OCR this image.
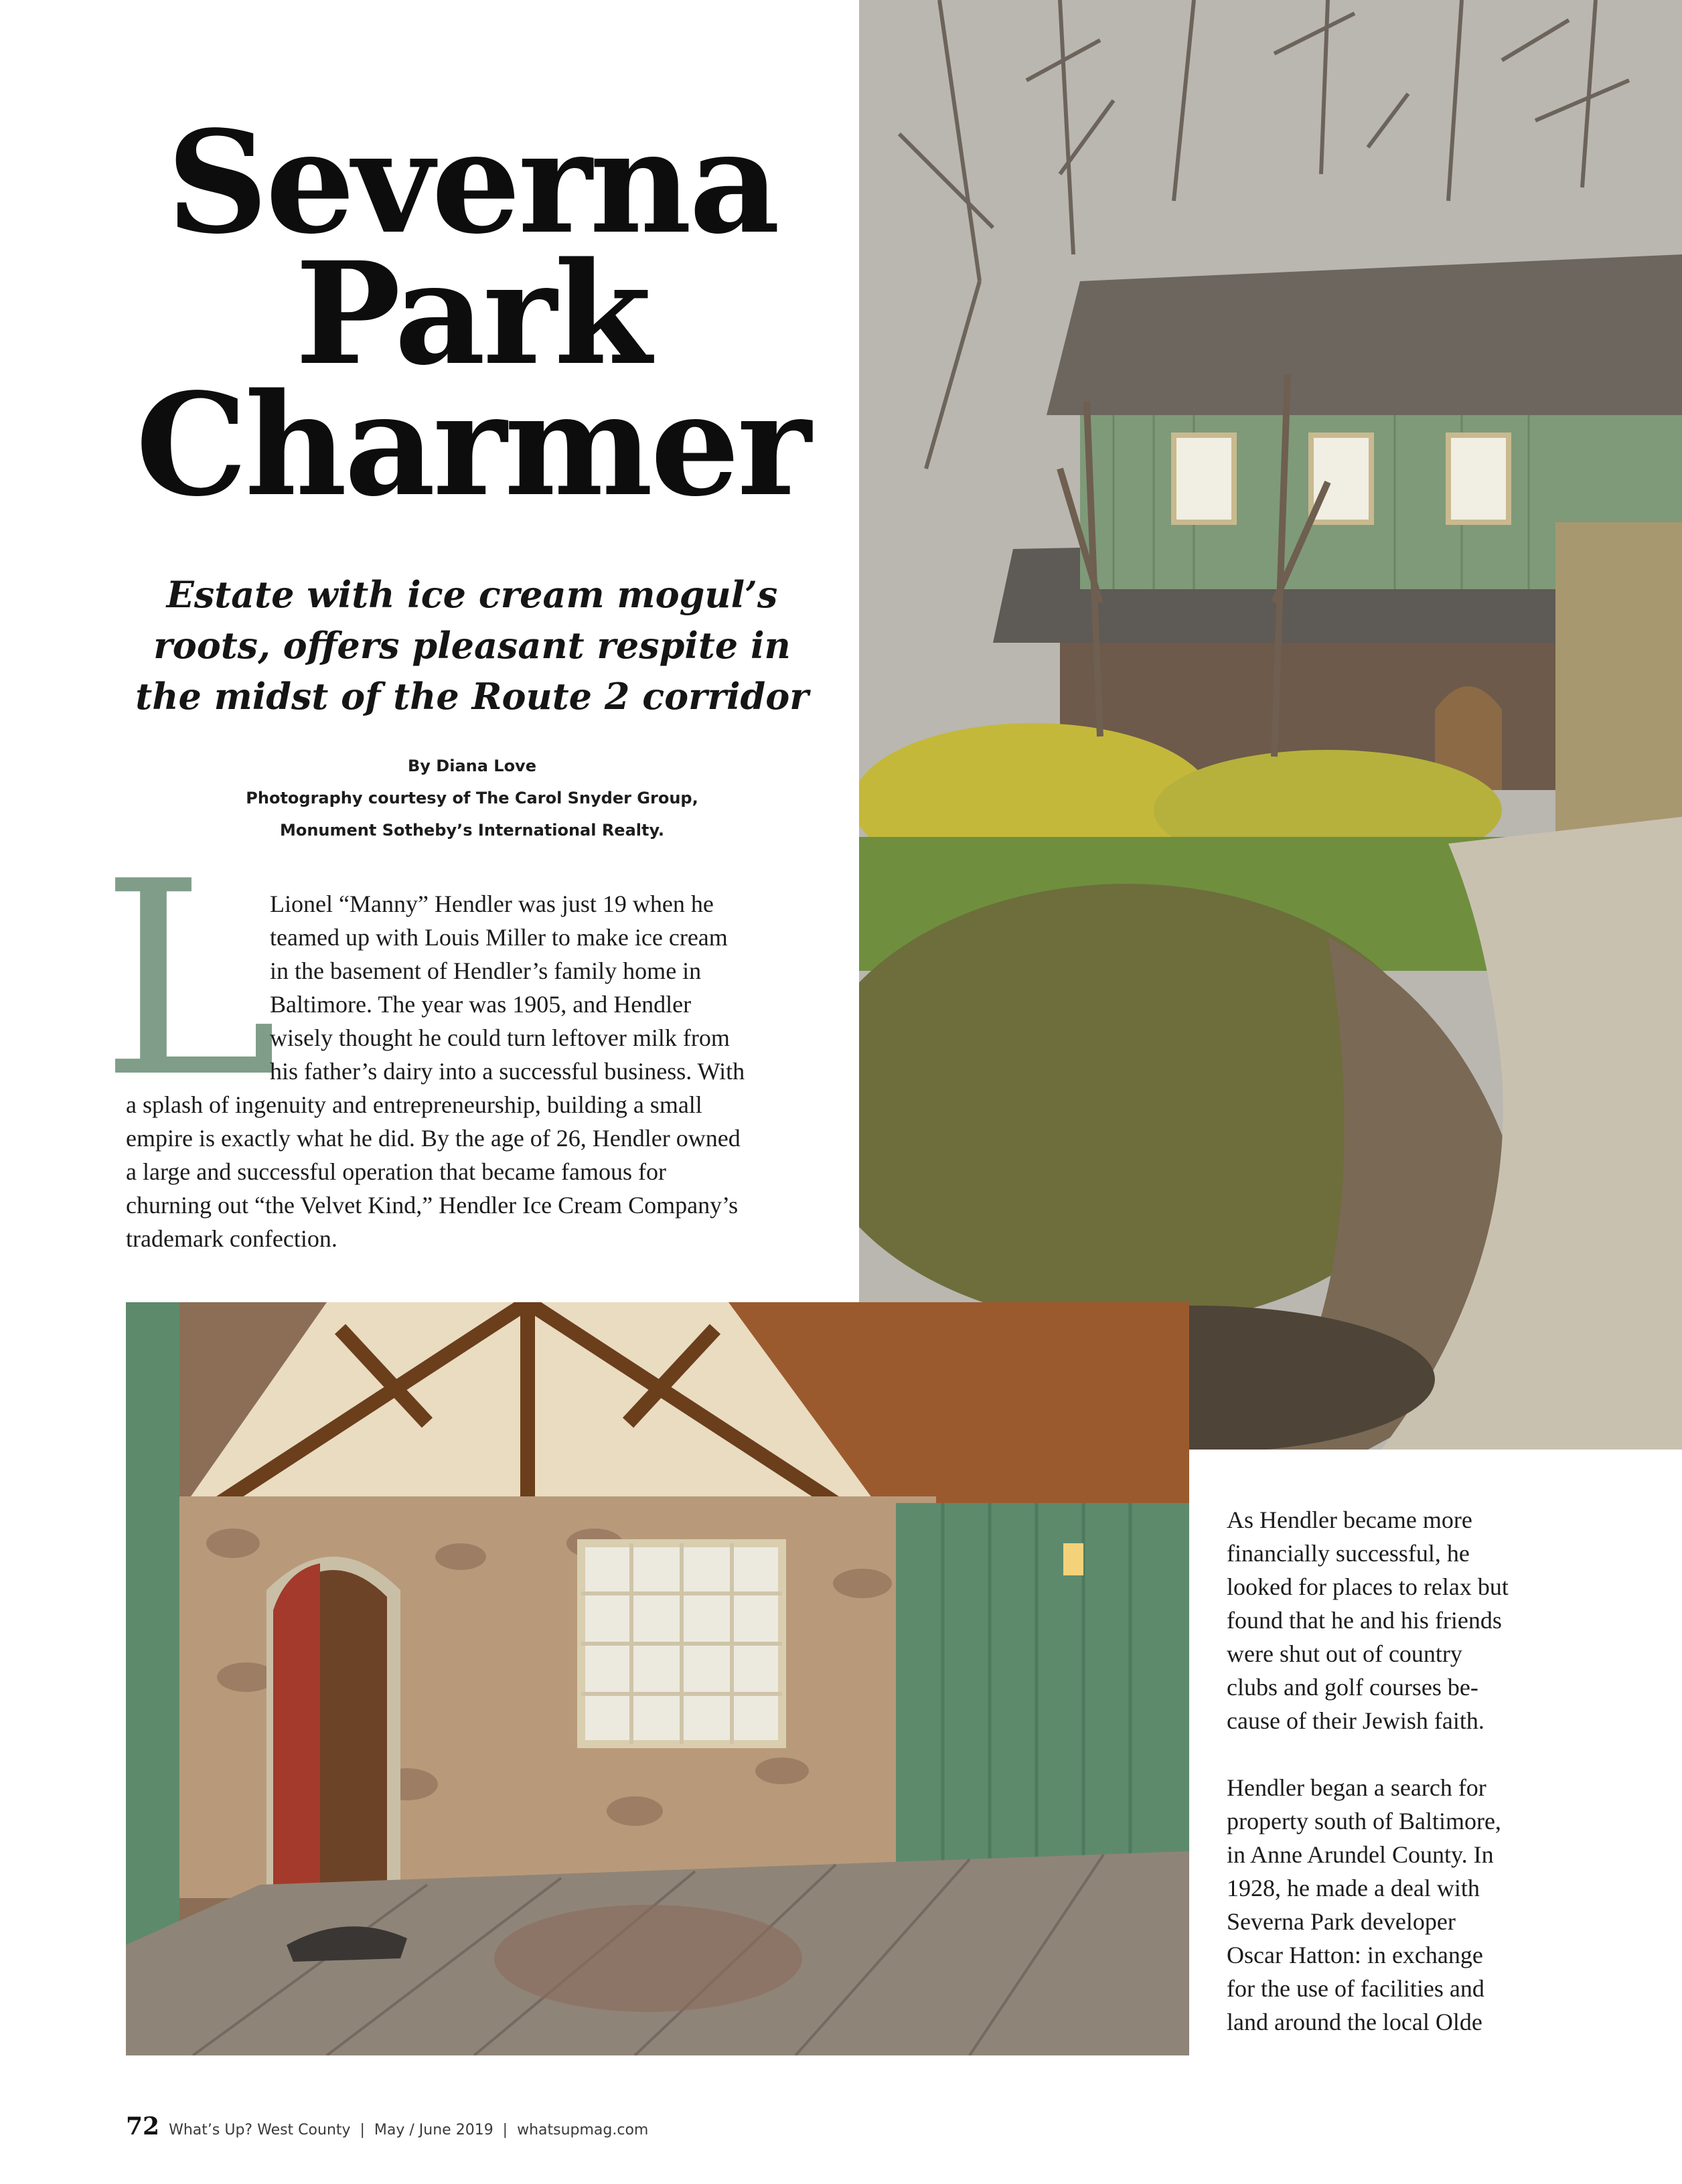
Severna
Park
Charmer
Estate with ice cream mogul’s
roots, offers pleasant respite in
the midst of the Route 2 corridor
By Diana Love
Photography courtesy of The Carol Snyder Group,
Monument Sotheby’s International Realty.
L
Lionel “Manny” Hendler was just 19 when he
teamed up with Louis Miller to make ice cream
in the basement of Hendler’s family home in
Baltimore. The year was 1905, and Hendler
wisely thought he could turn leftover milk from
his father’s dairy into a successful business. With
a splash of ingenuity and entrepreneurship, building a small
empire is exactly what he did. By the age of 26, Hendler owned
a large and successful operation that became famous for
churning out “the Velvet Kind,” Hendler Ice Cream Company’s
trademark confection.

As Hendler became more
financially successful, he
looked for places to relax but
found that he and his friends
were shut out of country
clubs and golf courses be-
cause of their Jewish faith.

Hendler began a search for
property south of Baltimore,
in Anne Arundel County. In
1928, he made a deal with
Severna Park developer
Oscar Hatton: in exchange
for the use of facilities and
land around the local Olde

72 What’s Up? West County  |  May / June 2019  |  whatsupmag.com
